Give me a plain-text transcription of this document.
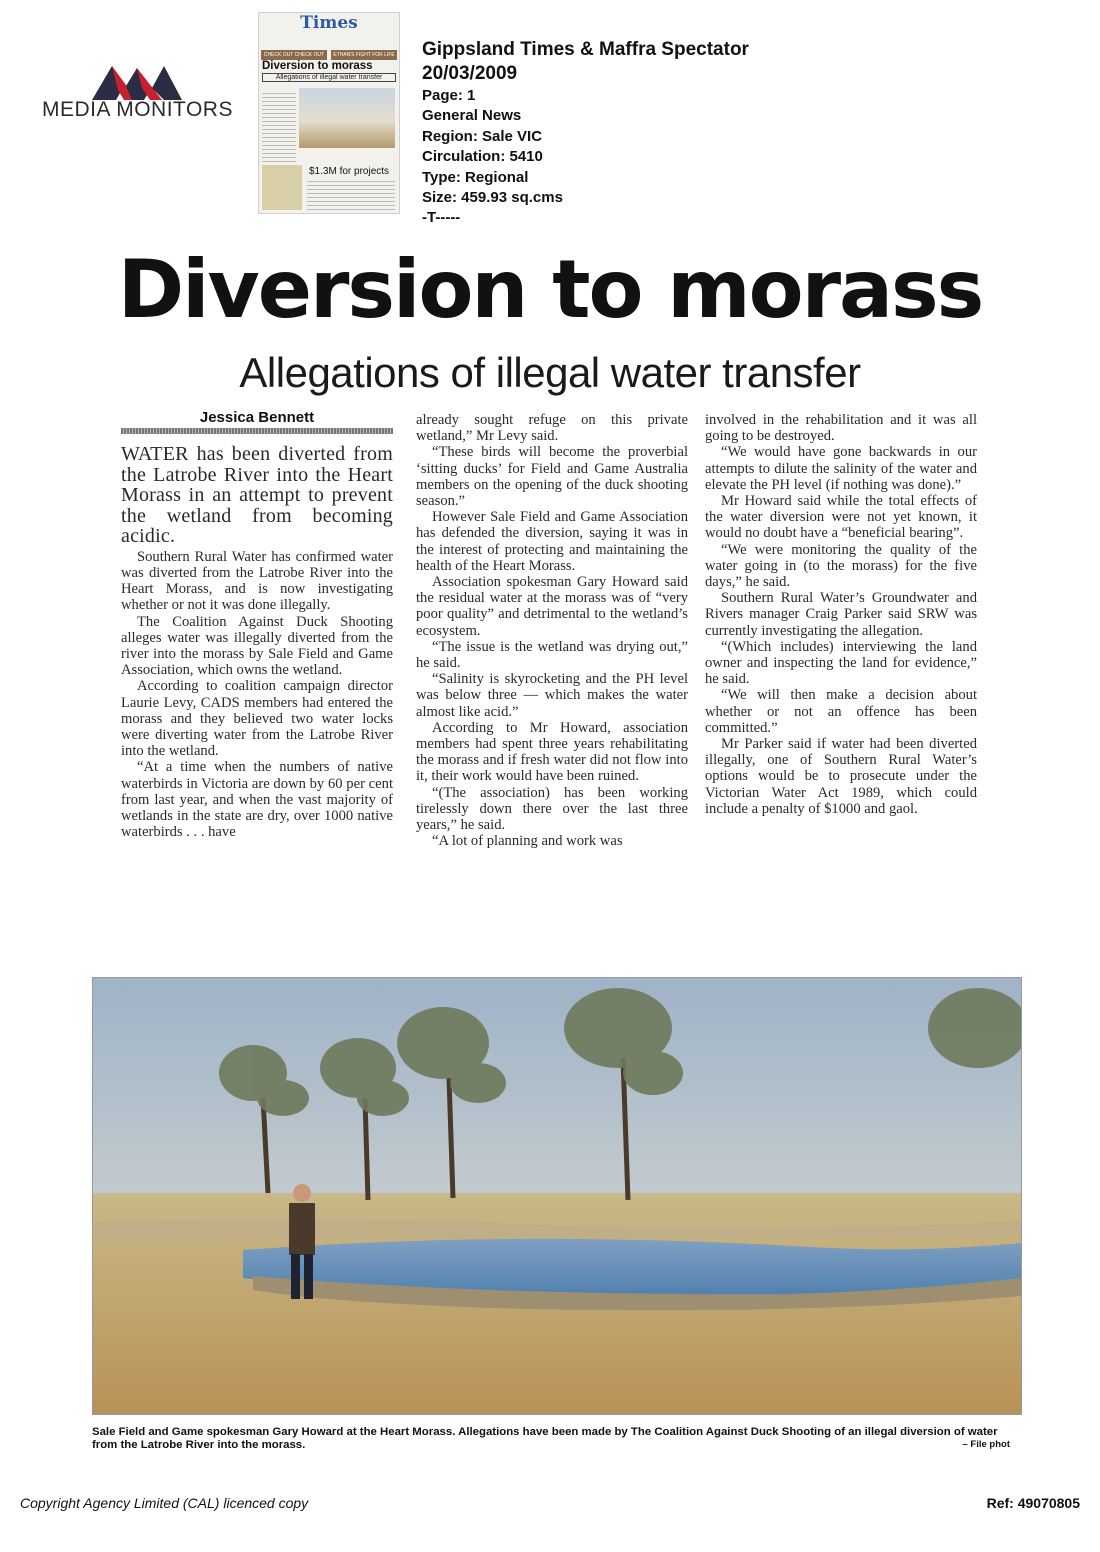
MEDIA MONITORS
Times
CHECK OUT CHECK OUT ETHAN'S FIGHT FOR LIFE
Diversion to morass
Allegations of illegal water transfer
$1.3M for projects
Gippsland Times & Maffra Spectator
20/03/2009
Page: 1
General News
Region: Sale VIC
Circulation: 5410
Type: Regional
Size: 459.93 sq.cms
-T-----
Diversion to morass
Allegations of illegal water transfer
Jessica Bennett

WATER has been diverted from the Latrobe River into the Heart Morass in an attempt to prevent the wetland from becoming acidic.

Southern Rural Water has confirmed water was diverted from the Latrobe River into the Heart Morass, and is now investigating whether or not it was done illegally.

The Coalition Against Duck Shooting alleges water was illegally diverted from the river into the morass by Sale Field and Game Association, which owns the wetland.

According to coalition campaign director Laurie Levy, CADS members had entered the morass and they believed two water locks were diverting water from the Latrobe River into the wetland.

“At a time when the numbers of native waterbirds in Victoria are down by 60 per cent from last year, and when the vast majority of wetlands in the state are dry, over 1000 native waterbirds . . . have

already sought refuge on this private wetland,” Mr Levy said.

“These birds will become the proverbial ‘sitting ducks’ for Field and Game Australia members on the opening of the duck shooting season.”

However Sale Field and Game Association has defended the diversion, saying it was in the interest of protecting and maintaining the health of the Heart Morass.

Association spokesman Gary Howard said the residual water at the morass was of “very poor quality” and detrimental to the wetland’s ecosystem.

“The issue is the wetland was drying out,” he said.

“Salinity is skyrocketing and the PH level was below three — which makes the water almost like acid.”

According to Mr Howard, association members had spent three years rehabilitating the morass and if fresh water did not flow into it, their work would have been ruined.

“(The association) has been working tirelessly down there over the last three years,” he said.

“A lot of planning and work was

involved in the rehabilitation and it was all going to be destroyed.

“We would have gone backwards in our attempts to dilute the salinity of the water and elevate the PH level (if nothing was done).”

Mr Howard said while the total effects of the water diversion were not yet known, it would no doubt have a “beneficial bearing”.

“We were monitoring the quality of the water going in (to the morass) for the five days,” he said.

Southern Rural Water’s Groundwater and Rivers manager Craig Parker said SRW was currently investigating the allegation.

“(Which includes) interviewing the land owner and inspecting the land for evidence,” he said.

“We will then make a decision about whether or not an offence has been committed.”

Mr Parker said if water had been diverted illegally, one of Southern Rural Water’s options would be to prosecute under the Victorian Water Act 1989, which could include a penalty of $1000 and gaol.

Sale Field and Game spokesman Gary Howard at the Heart Morass. Allegations have been made by The Coalition Against Duck Shooting of an illegal diversion of water from the Latrobe River into the morass.	– File phot
Copyright Agency Limited (CAL) licenced copy	Ref: 49070805
